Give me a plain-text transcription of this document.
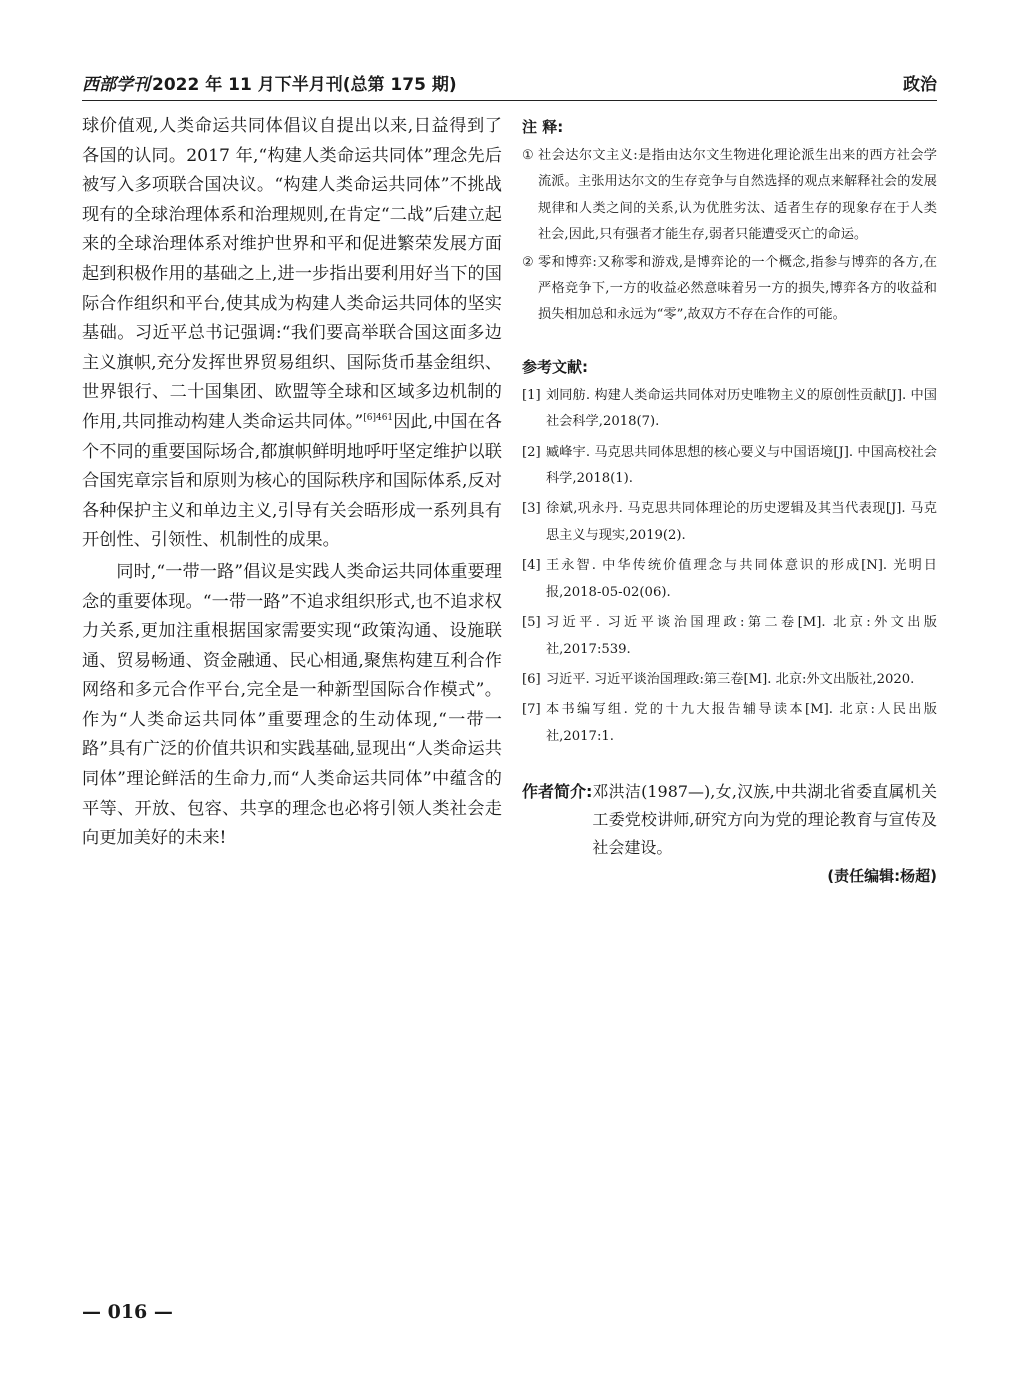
西部学刊 2022 年 11 月下半月刊(总第 175 期)	政治

球价值观,人类命运共同体倡议自提出以来,日益得到了各国的认同。2017 年,“构建人类命运共同体”理念先后被写入多项联合国决议。“构建人类命运共同体”不挑战现有的全球治理体系和治理规则,在肯定“二战”后建立起来的全球治理体系对维护世界和平和促进繁荣发展方面起到积极作用的基础之上,进一步指出要利用好当下的国际合作组织和平台,使其成为构建人类命运共同体的坚实基础。习近平总书记强调:“我们要高举联合国这面多边主义旗帜,充分发挥世界贸易组织、国际货币基金组织、世界银行、二十国集团、欧盟等全球和区域多边机制的作用,共同推动构建人类命运共同体。”$^{[6]461}$因此,中国在各个不同的重要国际场合,都旗帜鲜明地呼吁坚定维护以联合国宪章宗旨和原则为核心的国际秩序和国际体系,反对各种保护主义和单边主义,引导有关会晤形成一系列具有开创性、引领性、机制性的成果。

同时,“一带一路”倡议是实践人类命运共同体重要理念的重要体现。“一带一路”不追求组织形式,也不追求权力关系,更加注重根据国家需要实现“政策沟通、设施联通、贸易畅通、资金融通、民心相通,聚焦构建互利合作网络和多元合作平台,完全是一种新型国际合作模式”。作为“人类命运共同体”重要理念的生动体现,“一带一路”具有广泛的价值共识和实践基础,显现出“人类命运共同体”理论鲜活的生命力,而“人类命运共同体”中蕴含的平等、开放、包容、共享的理念也必将引领人类社会走向更加美好的未来!

注 释:
① 社会达尔文主义:是指由达尔文生物进化理论派生出来的西方社会学流派。主张用达尔文的生存竞争与自然选择的观点来解释社会的发展规律和人类之间的关系,认为优胜劣汰、适者生存的现象存在于人类社会,因此,只有强者才能生存,弱者只能遭受灭亡的命运。
② 零和博弈:又称零和游戏,是博弈论的一个概念,指参与博弈的各方,在严格竞争下,一方的收益必然意味着另一方的损失,博弈各方的收益和损失相加总和永远为“零”,故双方不存在合作的可能。
参考文献:
[1] 刘同舫. 构建人类命运共同体对历史唯物主义的原创性贡献[J]. 中国社会科学,2018(7).
[2] 臧峰宇. 马克思共同体思想的核心要义与中国语境[J]. 中国高校社会科学,2018(1).
[3] 徐斌,巩永丹. 马克思共同体理论的历史逻辑及其当代表现[J]. 马克思主义与现实,2019(2).
[4] 王永智. 中华传统价值理念与共同体意识的形成[N]. 光明日报,2018-05-02(06).
[5] 习近平. 习近平谈治国理政:第二卷[M]. 北京:外文出版社,2017:539.
[6] 习近平. 习近平谈治国理政:第三卷[M]. 北京:外文出版社,2020.
[7] 本书编写组. 党的十九大报告辅导读本[M]. 北京:人民出版社,2017:1.
作者简介: 邓洪洁(1987—),女,汉族,中共湖北省委直属机关工委党校讲师,研究方向为党的理论教育与宣传及社会建设。
(责任编辑:杨超)
— 016 —
